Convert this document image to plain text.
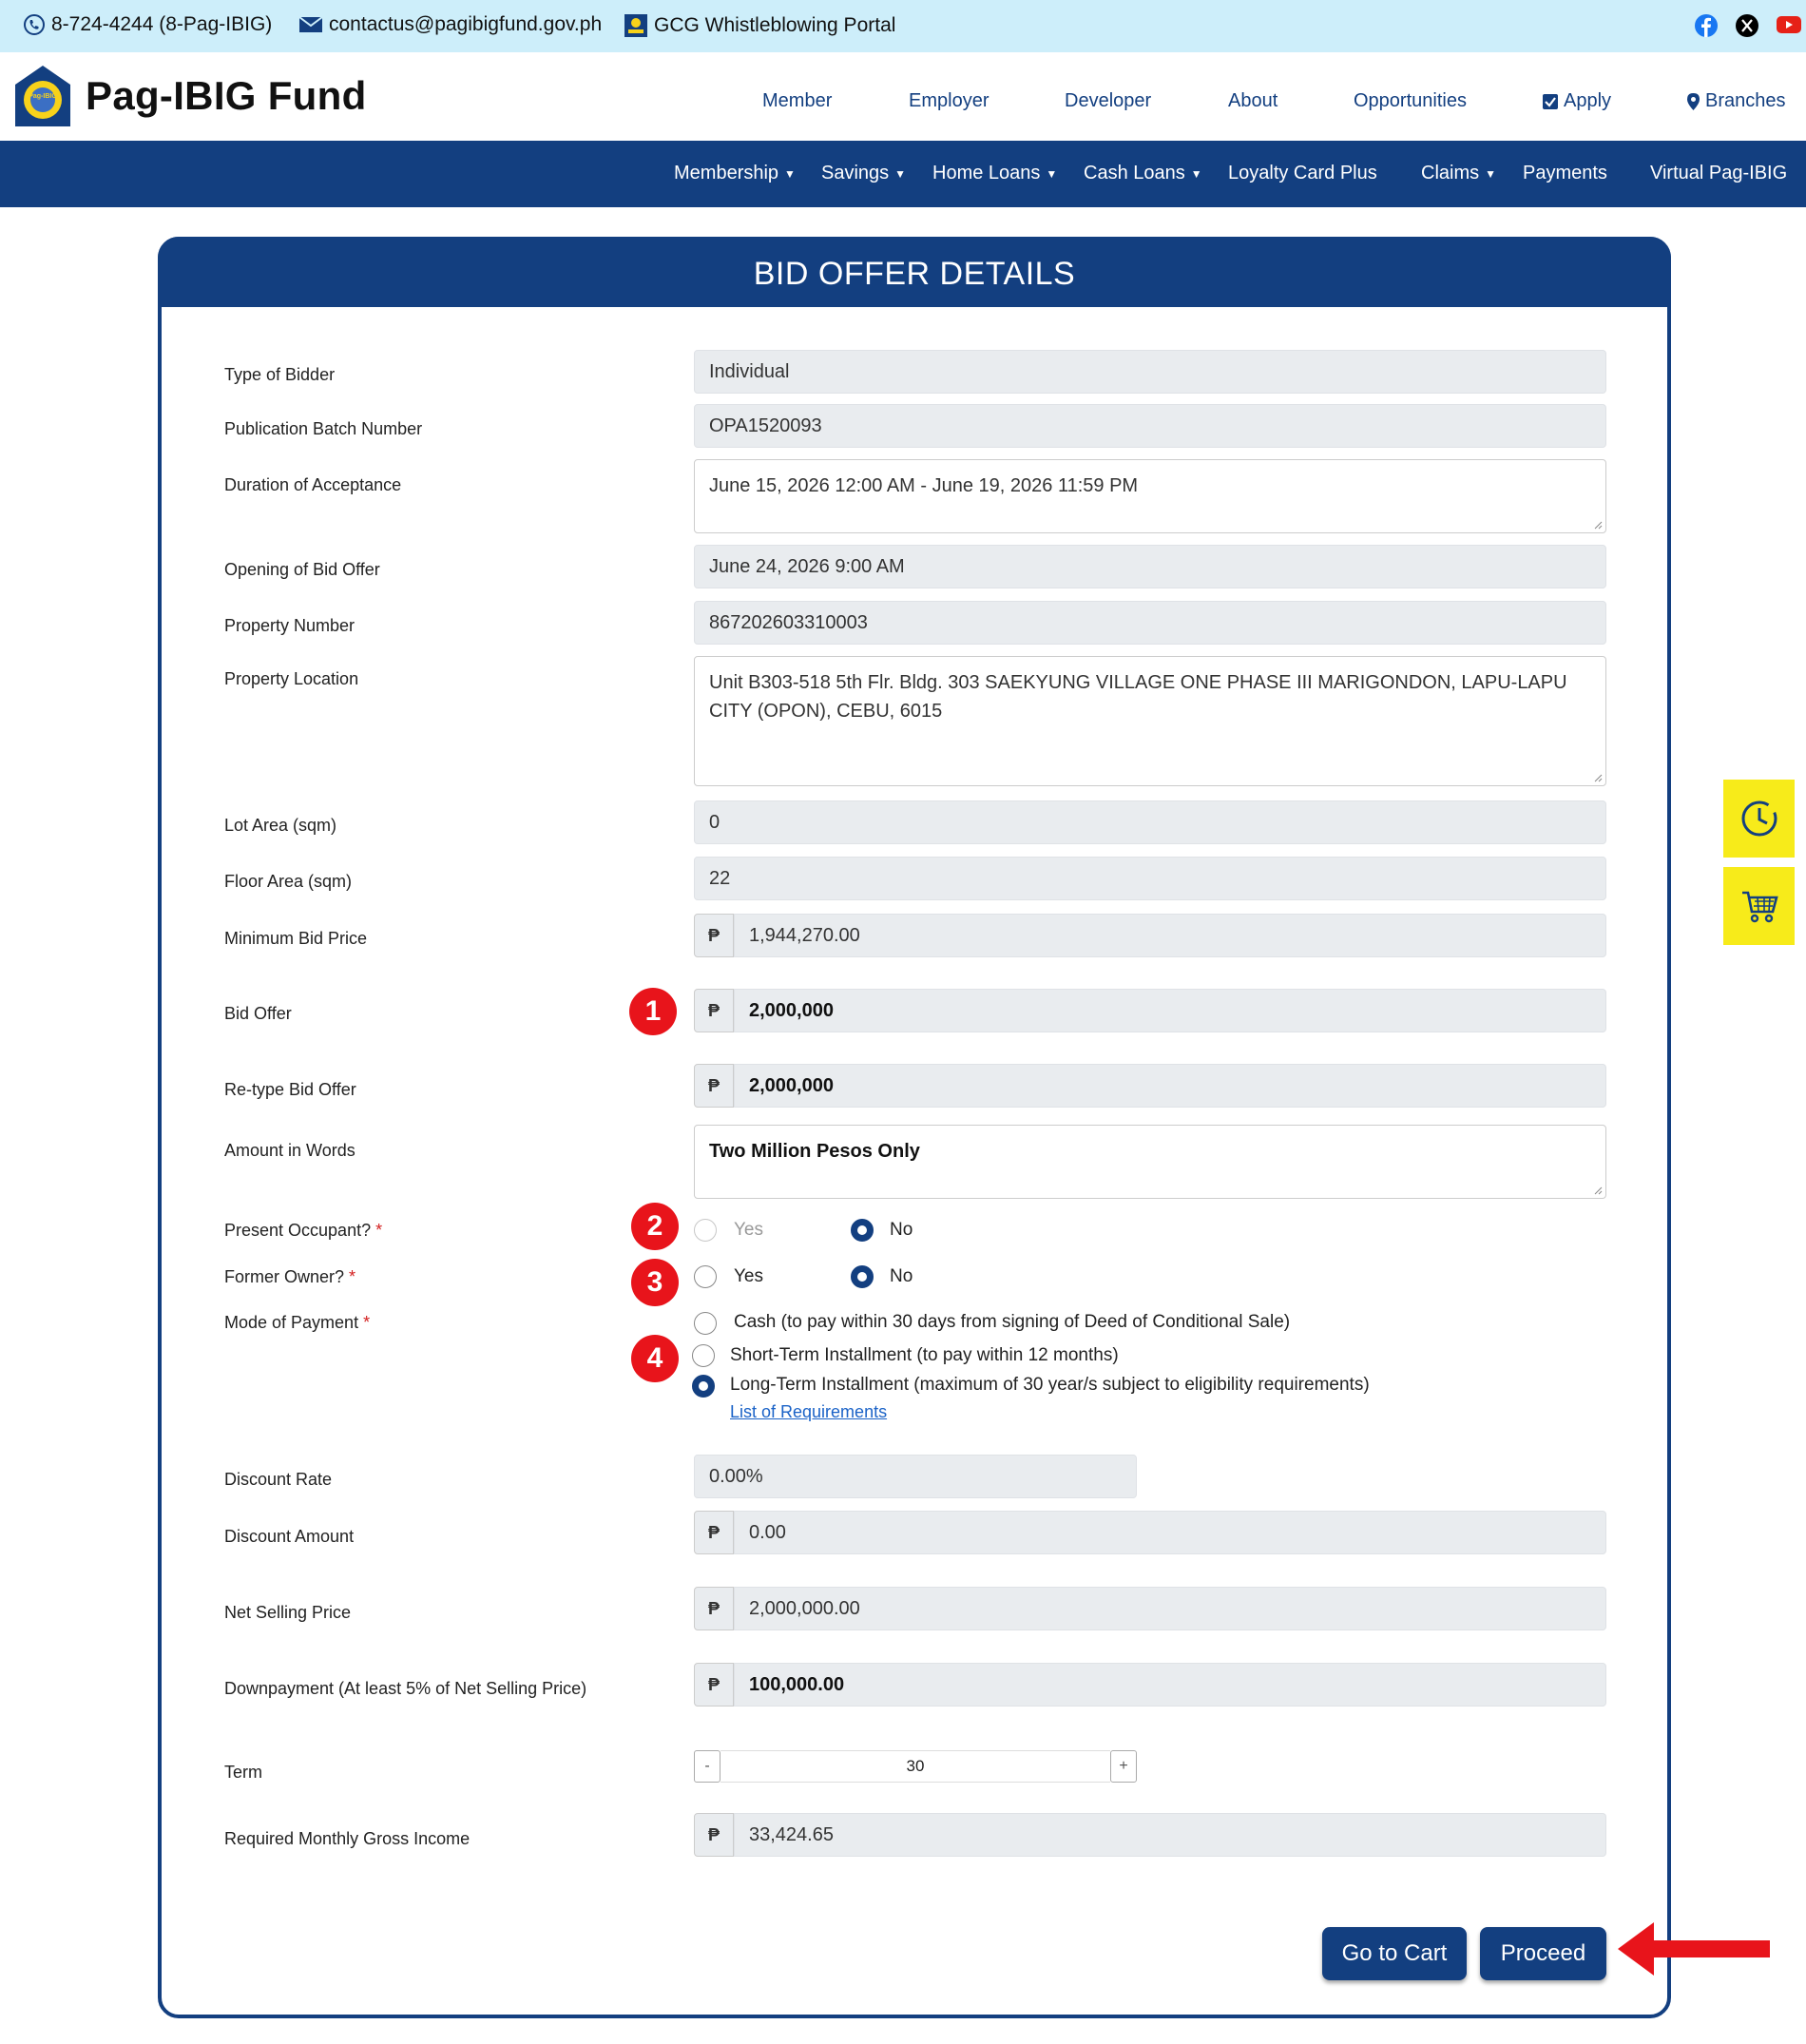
8-724-4244 (8-Pag-IBIG)	contactus@pagibigfund.gov.ph	GCG Whistleblowing Portal
Pag-IBIG Pag-IBIG Fund	Member	Employer	Developer	About	Opportunities	Apply	Branches
Membership ▼ Savings ▼ Home Loans ▼ Cash Loans ▼ Loyalty Card Plus Claims ▼ Payments Virtual Pag-IBIG
BID OFFER DETAILS
Type of Bidder	Individual
Publication Batch Number	OPA1520093
Duration of Acceptance	June 15, 2026 12:00 AM - June 19, 2026 11:59 PM
Opening of Bid Offer	June 24, 2026 9:00 AM
Property Number	867202603310003
Property Location	Unit B303-518 5th Flr. Bldg. 303 SAEKYUNG VILLAGE ONE PHASE III MARIGONDON, LAPU-LAPU CITY (OPON), CEBU, 6015
Lot Area (sqm)	0
Floor Area (sqm)	22
Minimum Bid Price	₱	1,944,270.00
Bid Offer	1	₱	2,000,000
Re-type Bid Offer	₱	2,000,000
Amount in Words	Two Million Pesos Only
Present Occupant? *	2	Yes	No
Former Owner? *	3	Yes	No
Mode of Payment *
4
Cash (to pay within 30 days from signing of Deed of Conditional Sale)
Short-Term Installment (to pay within 12 months)
Long-Term Installment (maximum of 30 year/s subject to eligibility requirements)
List of Requirements
Discount Rate	0.00%
Discount Amount	₱	0.00
Net Selling Price	₱	2,000,000.00
Downpayment (At least 5% of Net Selling Price)	₱	100,000.00
Term	-	30	+
Required Monthly Gross Income	₱	33,424.65
Go to Cart	Proceed
